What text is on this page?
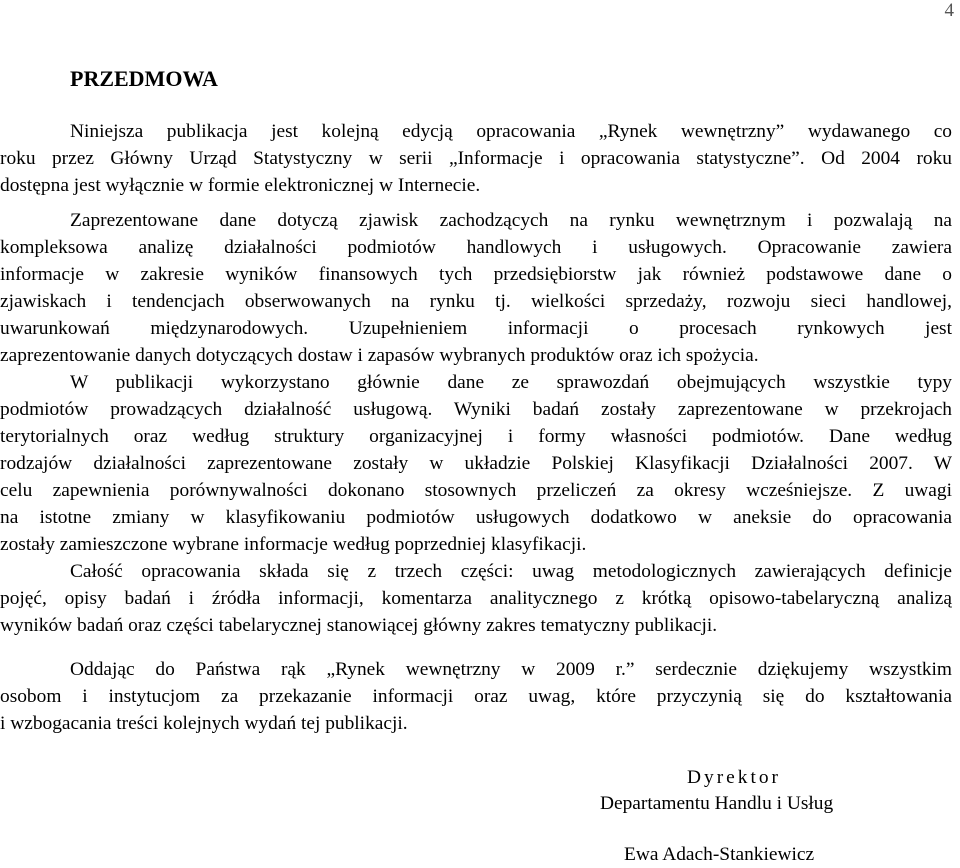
4
PRZEDMOWA
Niniejsza publikacja jest kolejną edycją opracowania „Rynek wewnętrzny” wydawanego co
roku przez Główny Urząd Statystyczny w serii „Informacje i opracowania statystyczne”. Od 2004 roku
dostępna jest wyłącznie w formie elektronicznej w Internecie.
Zaprezentowane dane dotyczą zjawisk zachodzących na rynku wewnętrznym i pozwalają na
kompleksowa analizę działalności podmiotów handlowych i usługowych. Opracowanie zawiera
informacje w zakresie wyników finansowych tych przedsiębiorstw jak również podstawowe dane o
zjawiskach i tendencjach obserwowanych na rynku tj. wielkości sprzedaży, rozwoju sieci handlowej,
uwarunkowań międzynarodowych. Uzupełnieniem informacji o procesach rynkowych jest
zaprezentowanie danych dotyczących dostaw i zapasów wybranych produktów oraz ich spożycia.
W publikacji wykorzystano głównie dane ze sprawozdań obejmujących wszystkie typy
podmiotów prowadzących działalność usługową. Wyniki badań zostały zaprezentowane w przekrojach
terytorialnych oraz według struktury organizacyjnej i formy własności podmiotów. Dane według
rodzajów działalności zaprezentowane zostały w układzie Polskiej Klasyfikacji Działalności 2007. W
celu zapewnienia porównywalności dokonano stosownych przeliczeń za okresy wcześniejsze. Z uwagi
na istotne zmiany w klasyfikowaniu podmiotów usługowych dodatkowo w aneksie do opracowania
zostały zamieszczone wybrane informacje według poprzedniej klasyfikacji.
Całość opracowania składa się z trzech części: uwag metodologicznych zawierających definicje
pojęć, opisy badań i źródła informacji, komentarza analitycznego z krótką opisowo-tabelaryczną analizą
wyników badań oraz części tabelarycznej stanowiącej główny zakres tematyczny publikacji.
Oddając do Państwa rąk „Rynek wewnętrzny w 2009 r.” serdecznie dziękujemy wszystkim
osobom i instytucjom za przekazanie informacji oraz uwag, które przyczynią się do kształtowania
i wzbogacania treści kolejnych wydań tej publikacji.
Dyrektor
Departamentu Handlu i Usług
Ewa Adach-Stankiewicz
